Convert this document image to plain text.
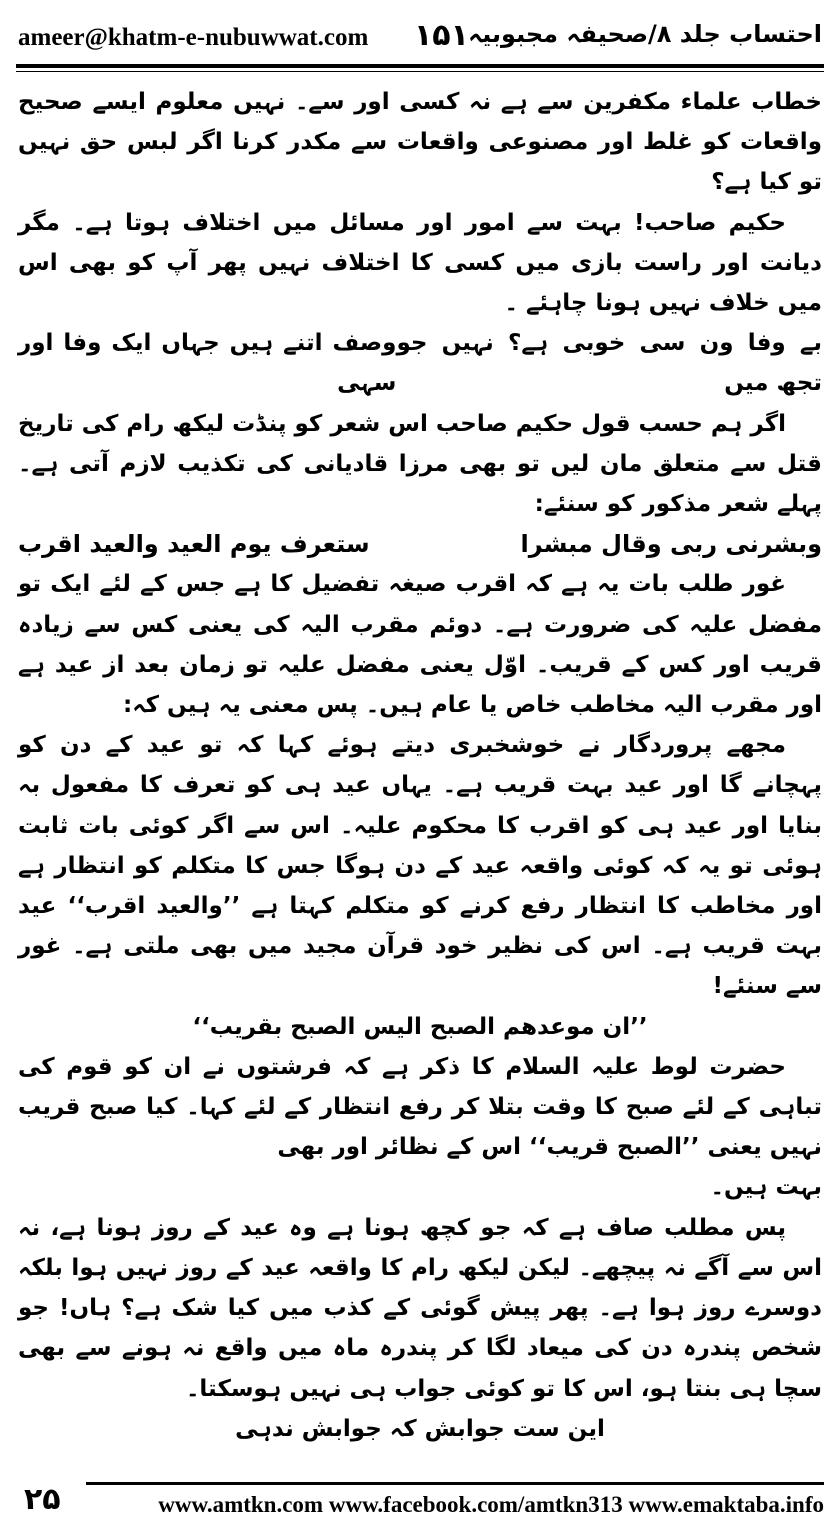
ameer@khatm-e-nubuwwat.com ۱۵۱ احتساب جلد ۸/صحیفہ مجبوبیہ

خطاب علماء مکفرین سے ہے نہ کسی اور سے۔ نہیں معلوم ایسے صحیح واقعات کو غلط اور مصنوعی واقعات سے مکدر کرنا اگر لبس حق نہیں تو کیا ہے؟

حکیم صاحب! بہت سے امور اور مسائل میں اختلاف ہوتا ہے۔ مگر دیانت اور راست بازی میں کسی کا اختلاف نہیں پھر آپ کو بھی اس میں خلاف نہیں ہونا چاہئے ۔

بے وفا ون سی خوبی ہے؟ نہیں جو تجھ میں
وصف اتنے ہیں جہاں ایک وفا اور سہی

اگر ہم حسب قول حکیم صاحب اس شعر کو پنڈت لیکھ رام کی تاریخ قتل سے متعلق مان لیں تو بھی مرزا قادیانی کی تکذیب لازم آتی ہے۔ پہلے شعر مذکور کو سنئے:

وبشرنی ربی وقال مبشرا
ستعرف یوم العید والعید اقرب

غور طلب بات یہ ہے کہ اقرب صیغہ تفضیل کا ہے جس کے لئے ایک تو مفضل علیہ کی ضرورت ہے۔ دوئم مقرب الیہ کی یعنی کس سے زیادہ قریب اور کس کے قریب۔ اوّل یعنی مفضل علیہ تو زمان بعد از عید ہے اور مقرب الیہ مخاطب خاص یا عام ہیں۔ پس معنی یہ ہیں کہ:

مجھے پروردگار نے خوشخبری دیتے ہوئے کہا کہ تو عید کے دن کو پہچانے گا اور عید بہت قریب ہے۔ یہاں عید ہی کو تعرف کا مفعول بہ بنایا اور عید ہی کو اقرب کا محکوم علیہ۔ اس سے اگر کوئی بات ثابت ہوئی تو یہ کہ کوئی واقعہ عید کے دن ہوگا جس کا متکلم کو انتظار ہے اور مخاطب کا انتظار رفع کرنے کو متکلم کہتا ہے ’’والعید اقرب‘‘ عید بہت قریب ہے۔ اس کی نظیر خود قرآن مجید میں بھی ملتی ہے۔ غور سے سنئے!

’’ان موعدھم الصبح الیس الصبح بقریب‘‘

حضرت لوط علیہ السلام کا ذکر ہے کہ فرشتوں نے ان کو قوم کی تباہی کے لئے صبح کا وقت بتلا کر رفع انتظار کے لئے کہا۔ کیا صبح قریب نہیں یعنی ’’الصبح قریب‘‘ اس کے نظائر اور بھی

بہت ہیں۔

پس مطلب صاف ہے کہ جو کچھ ہونا ہے وہ عید کے روز ہونا ہے، نہ اس سے آگے نہ پیچھے۔ لیکن لیکھ رام کا واقعہ عید کے روز نہیں ہوا بلکہ دوسرے روز ہوا ہے۔ پھر پیش گوئی کے کذب میں کیا شک ہے؟ ہاں! جو شخص پندرہ دن کی میعاد لگا کر پندرہ ماہ میں واقع نہ ہونے سے بھی سچا ہی بنتا ہو، اس کا تو کوئی جواب ہی نہیں ہوسکتا۔

این ست جوابش کہ جوابش ندہی

۲۵	www.amtkn.com www.facebook.com/amtkn313 www.emaktaba.info
